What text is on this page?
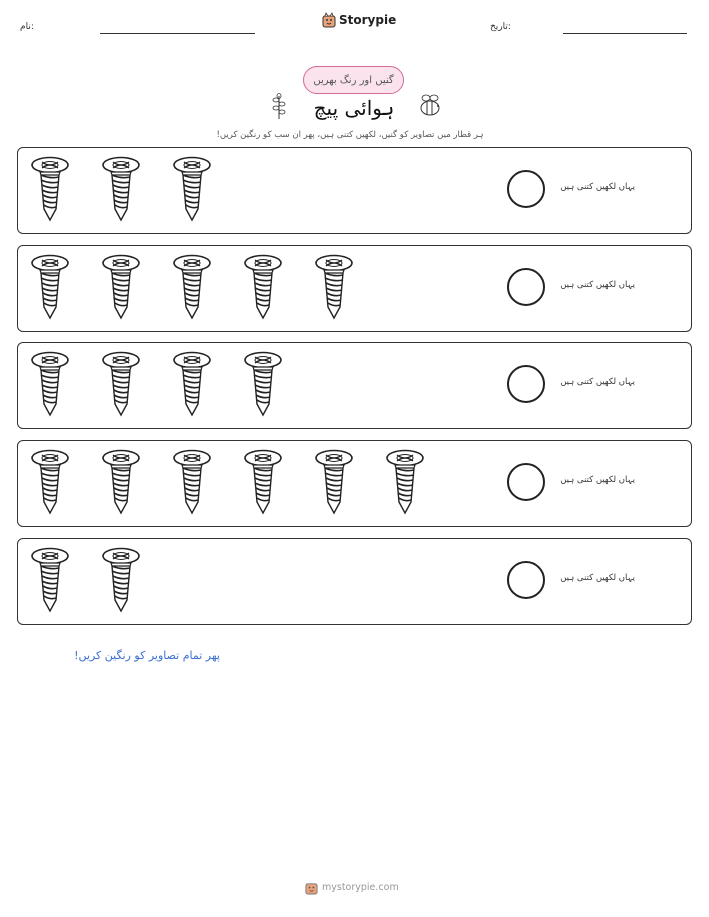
نام:	Storypie	تاریخ:
گنیں اور رنگ بھریں
ہوائی پیچ
ہر قطار میں تصاویر کو گنیں، لکھیں کتنی ہیں، پھر ان سب کو رنگین کریں!
یہاں لکھیں کتنی ہیں
یہاں لکھیں کتنی ہیں
یہاں لکھیں کتنی ہیں
یہاں لکھیں کتنی ہیں
یہاں لکھیں کتنی ہیں
پھر تمام تصاویر کو رنگین کریں!
mystorypie.com
